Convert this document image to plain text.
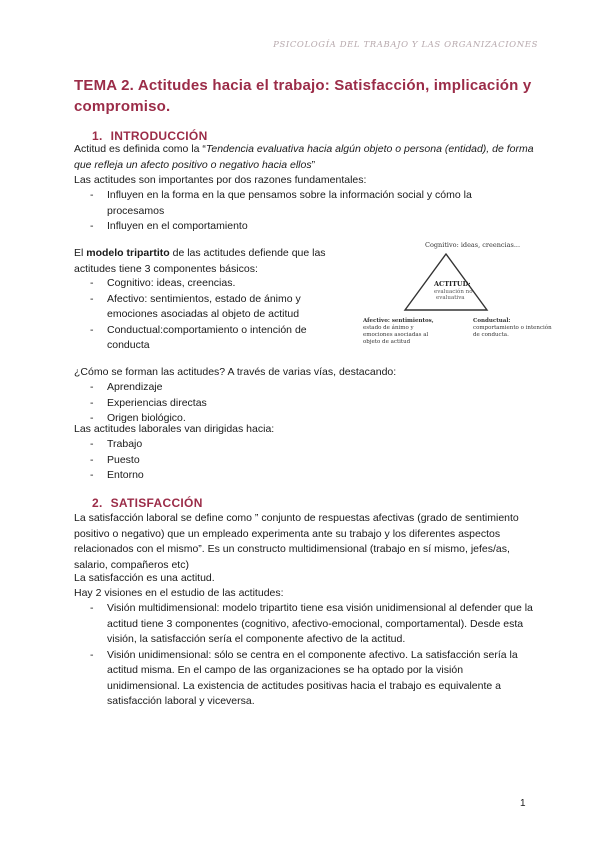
PSICOLOGÍA DEL TRABAJO Y LAS ORGANIZACIONES
TEMA 2. Actitudes hacia el trabajo: Satisfacción, implicación y compromiso.
1. INTRODUCCIÓN

Actitud es definida como la “Tendencia evaluativa hacia algún objeto o persona (entidad), de forma que refleja un afecto positivo o negativo hacia ellos”

Las actitudes son importantes por dos razones fundamentales:

- Influyen en la forma en la que pensamos sobre la información social y cómo la procesamos
- Influyen en el comportamiento

El modelo tripartito de las actitudes defiende que las actitudes tiene 3 componentes básicos:

- Cognitivo: ideas, creencias.
- Afectivo: sentimientos, estado de ánimo y emociones asociadas al objeto de actitud
- Conductual:comportamiento o intención de conducta
Cognitivo: ideas, creencias...
ACTITUD:
evaluación no
evaluativa
Afectivo: sentimientos,
estado de ánimo y
emociones asociadas al
objeto de actitud
Conductual:
comportamiento o intención
de conducta.

¿Cómo se forman las actitudes? A través de varias vías, destacando:

- Aprendizaje
- Experiencias directas
- Origen biológico.

Las actitudes laborales van dirigidas hacia:

- Trabajo
- Puesto
- Entorno
2. SATISFACCIÓN

La satisfacción laboral se define como ” conjunto de respuestas afectivas (grado de sentimiento positivo o negativo) que un empleado experimenta ante su trabajo y los diferentes aspectos relacionados con el mismo”. Es un constructo multidimensional (trabajo en sí mismo, jefes/as, salario, compañeros etc)

La satisfacción es una actitud.

Hay 2 visiones en el estudio de las actitudes:

- Visión multidimensional: modelo tripartito tiene esa visión unidimensional al defender que la actitud tiene 3 componentes (cognitivo, afectivo-emocional, comportamental). Desde esta visión, la satisfacción sería el componente afectivo de la actitud.
- Visión unidimensional: sólo se centra en el componente afectivo. La satisfacción sería la actitud misma. En el campo de las organizaciones se ha optado por la visión unidimensional. La existencia de actitudes positivas hacia el trabajo es equivalente a satisfacción laboral y viceversa.
1
